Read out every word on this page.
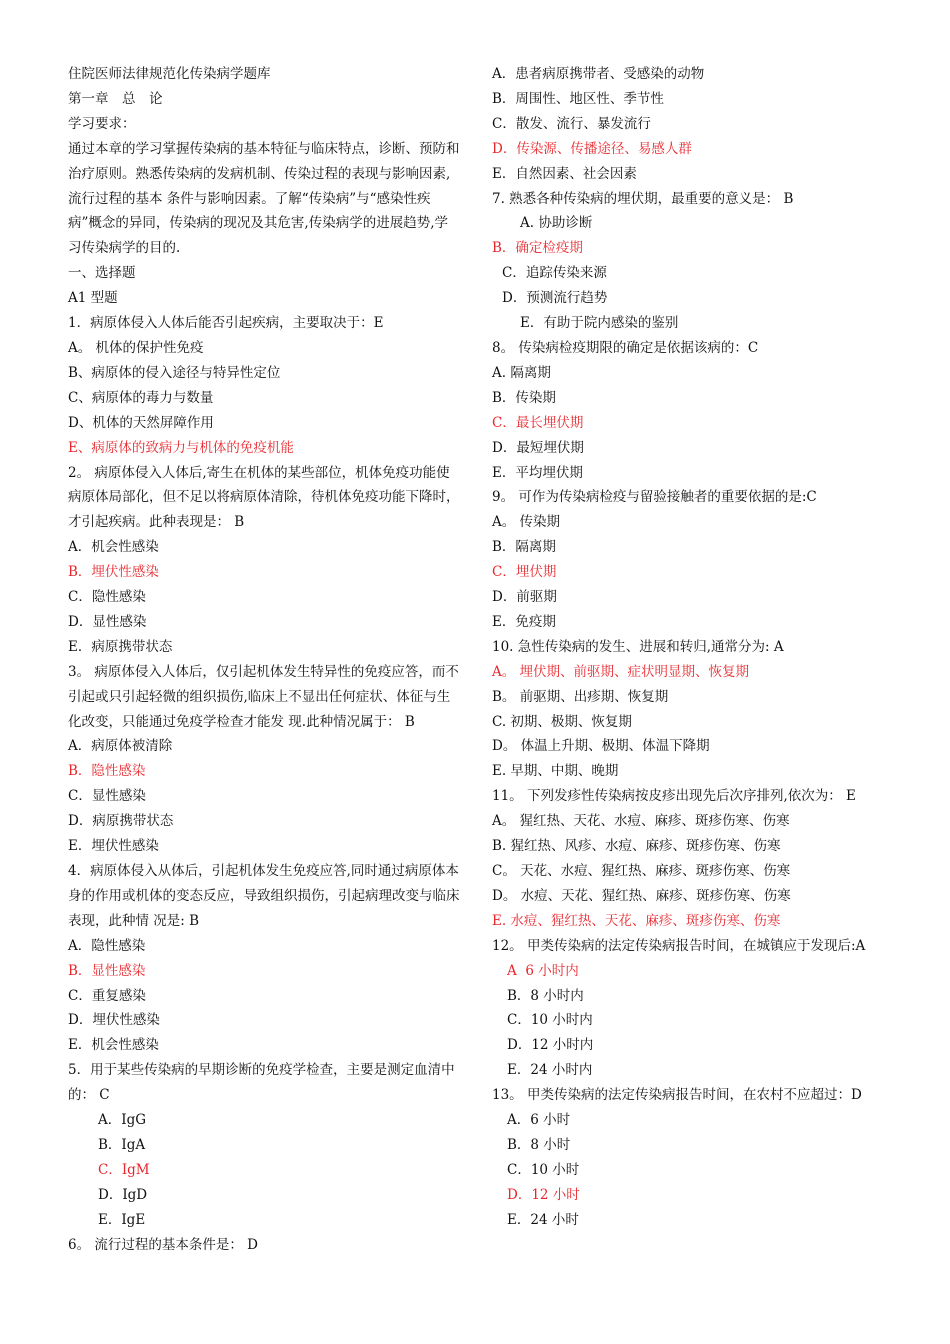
住院医师法律规范化传染病学题库
第一章　总　论
学习要求：
通过本章的学习掌握传染病的基本特征与临床特点，诊断、预防和治疗原则。熟悉传染病的发病机制、传染过程的表现与影响因素,流行过程的基本 条件与影响因素。了解“传染病”与“感染性疾病”概念的异同，传染病的现况及其危害,传染病学的进展趋势,学习传染病学的目的.
一、选择题
A1 型题
1．病原体侵入人体后能否引起疾病，主要取决于：E
A。 机体的保护性免疫
B、病原体的侵入途径与特异性定位
C、病原体的毒力与数量
D、机体的天然屏障作用
E、病原体的致病力与机体的免疫机能
2。 病原体侵入人体后,寄生在机体的某些部位，机体免疫功能使病原体局部化，但不足以将病原体清除，待机体免疫功能下降时，才引起疾病。此种表现是： B
A．机会性感染
B．埋伏性感染
C．隐性感染
D．显性感染
E．病原携带状态
3。 病原体侵入人体后，仅引起机体发生特异性的免疫应答，而不引起或只引起轻微的组织损伤,临床上不显出任何症状、体征与生化改变，只能通过免疫学检查才能发 现.此种情况属于： B
A．病原体被清除
B．隐性感染
C．显性感染
D．病原携带状态
E．埋伏性感染
4．病原体侵入从体后，引起机体发生免疫应答,同时通过病原体本身的作用或机体的变态反应，导致组织损伤，引起病理改变与临床表现，此种情 况是: B
A．隐性感染
B．显性感染
C．重复感染
D．埋伏性感染
E．机会性感染
5．用于某些传染病的早期诊断的免疫学检查，主要是测定血清中的： C
A．IgG
B．IgA
C．IgM
D．IgD
E．IgE
6。 流行过程的基本条件是： D
A．患者病原携带者、受感染的动物
B．周围性、地区性、季节性
C．散发、流行、暴发流行
D．传染源、传播途径、易感人群
E．自然因素、社会因素
7. 熟悉各种传染病的埋伏期，最重要的意义是： B
A. 协助诊断
B．确定检疫期
C．追踪传染来源
D．预测流行趋势
E．有助于院内感染的鉴别
8。 传染病检疫期限的确定是依据该病的：C
A. 隔离期
B．传染期
C．最长埋伏期
D．最短埋伏期
E．平均埋伏期
9。 可作为传染病检疫与留验接触者的重要依据的是:C
A。 传染期
B．隔离期
C．埋伏期
D．前驱期
E．免疫期
10. 急性传染病的发生、进展和转归,通常分为: A
A。 埋伏期、前驱期、症状明显期、恢复期
B。 前驱期、出疹期、恢复期
C. 初期、极期、恢复期
D。 体温上升期、极期、体温下降期
E. 早期、中期、晚期
11。 下列发疹性传染病按皮疹出现先后次序排列,依次为： E
A。 猩红热、天花、水痘、麻疹、斑疹伤寒、伤寒
B. 猩红热、风疹、水痘、麻疹、斑疹伤寒、伤寒
C。 天花、水痘、猩红热、麻疹、斑疹伤寒、伤寒
D。 水痘、天花、猩红热、麻疹、斑疹伤寒、伤寒
E. 水痘、猩红热、天花、麻疹、斑疹伤寒、伤寒
12。 甲类传染病的法定传染病报告时间，在城镇应于发现后:A
A  6 小时内
B．8 小时内
C．10 小时内
D．12 小时内
E．24 小时内
13。 甲类传染病的法定传染病报告时间，在农村不应超过：D
A．6 小时
B．8 小时
C．10 小时
D．12 小时
E．24 小时
